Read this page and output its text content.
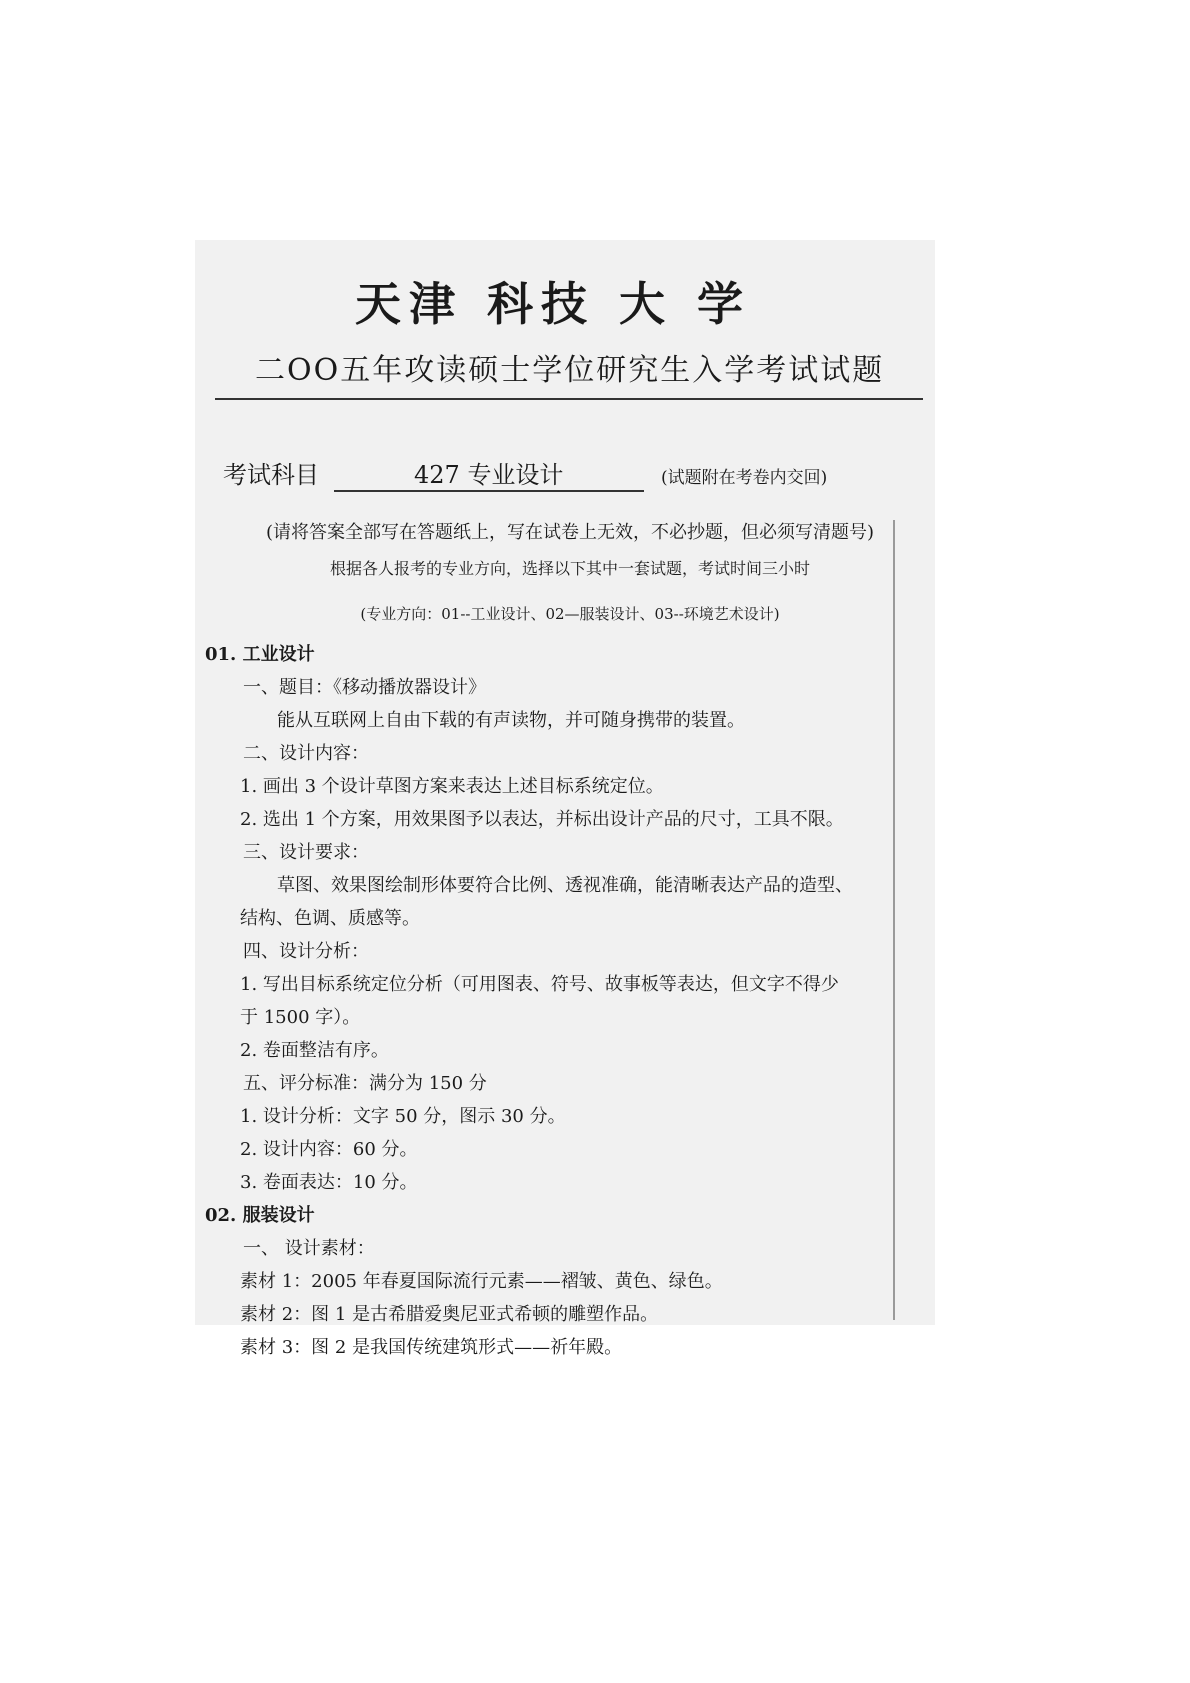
天津 科技 大 学
二OO五年攻读硕士学位研究生入学考试试题
考试科目	427 专业设计	(试题附在考卷内交回)
(请将答案全部写在答题纸上，写在试卷上无效，不必抄题，但必须写清题号)
根据各人报考的专业方向，选择以下其中一套试题，考试时间三小时
(专业方向：01--工业设计、02—服装设计、03--环境艺术设计)
01. 工业设计
一、题目：《移动播放器设计》
能从互联网上自由下载的有声读物，并可随身携带的装置。
二、设计内容：
1. 画出 3 个设计草图方案来表达上述目标系统定位。
2. 选出 1 个方案，用效果图予以表达，并标出设计产品的尺寸，工具不限。
三、设计要求：
草图、效果图绘制形体要符合比例、透视准确，能清晰表达产品的造型、
结构、色调、质感等。
四、设计分析：
1. 写出目标系统定位分析（可用图表、符号、故事板等表达，但文字不得少
于 1500 字）。
2. 卷面整洁有序。
五、评分标准：满分为 150 分
1. 设计分析：文字 50 分，图示 30 分。
2. 设计内容：60 分。
3. 卷面表达：10 分。
02. 服装设计
一、 设计素材：
素材 1：2005 年春夏国际流行元素——褶皱、黄色、绿色。
素材 2：图 1 是古希腊爱奥尼亚式希顿的雕塑作品。
素材 3：图 2 是我国传统建筑形式——祈年殿。
